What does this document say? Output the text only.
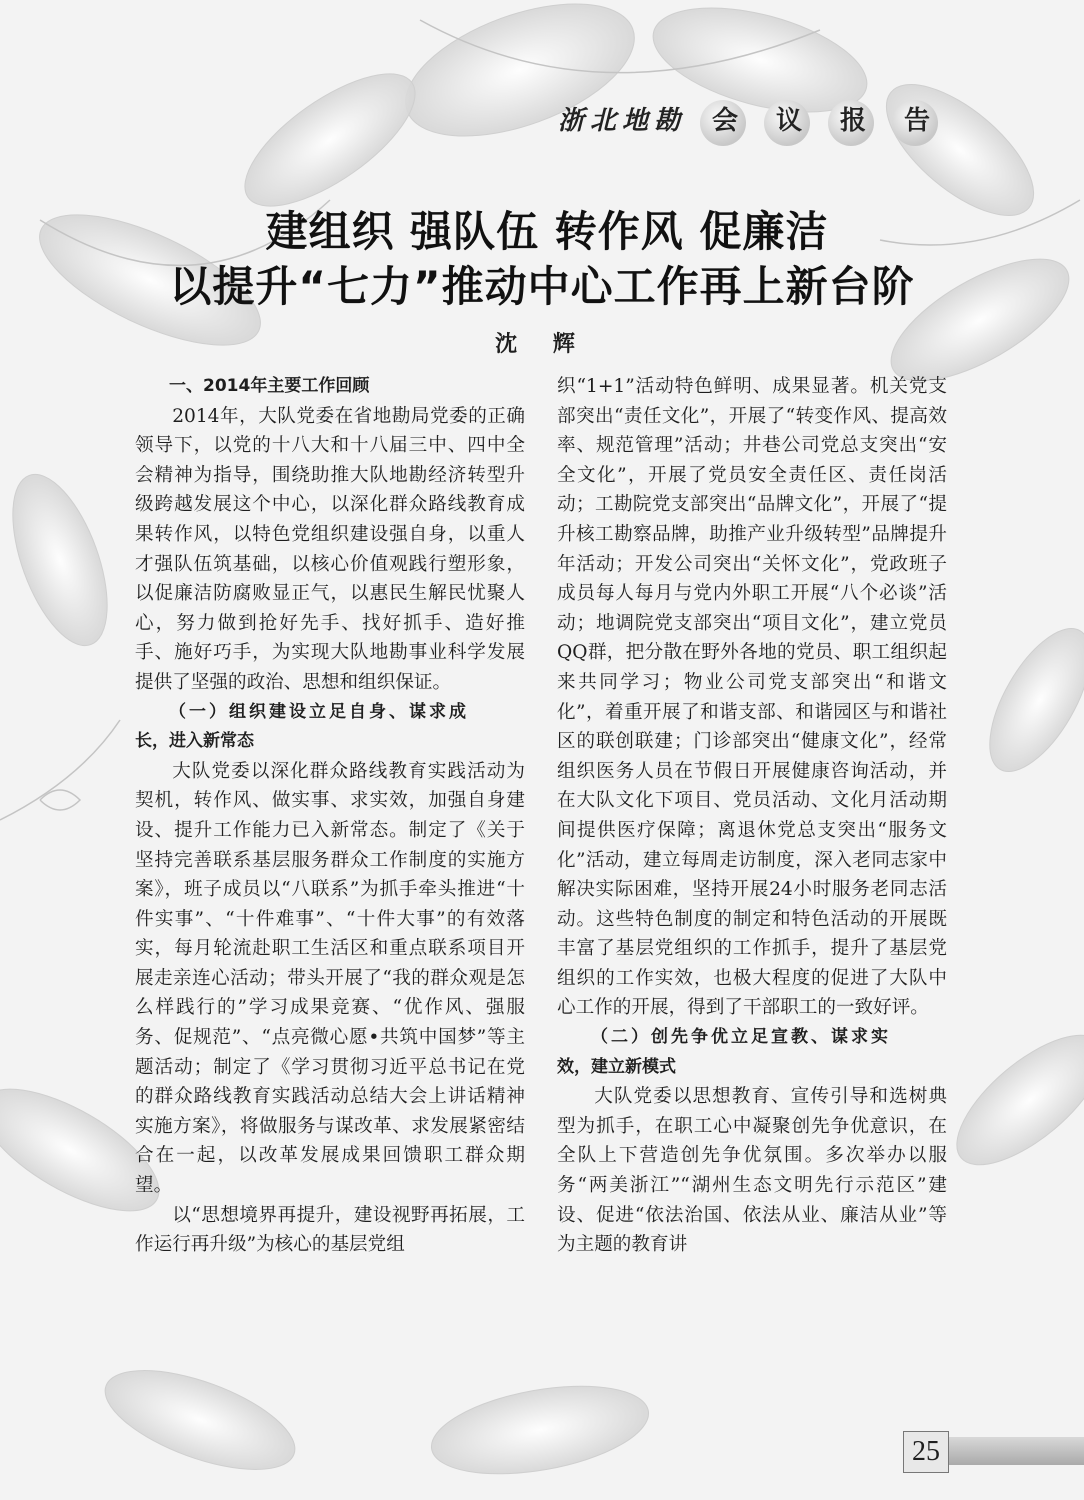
浙北地勘 会 议 报 告
建组织 强队伍 转作风 促廉洁
以提升“七力”推动中心工作再上新台阶
沈 辉
一、2014年主要工作回顾

2014年，大队党委在省地勘局党委的正确领导下，以党的十八大和十八届三中、四中全会精神为指导，围绕助推大队地勘经济转型升级跨越发展这个中心，以深化群众路线教育成果转作风，以特色党组织建设强自身，以重人才强队伍筑基础，以核心价值观践行塑形象，以促廉洁防腐败显正气，以惠民生解民忧聚人心，努力做到抢好先手、找好抓手、造好推手、施好巧手，为实现大队地勘事业科学发展提供了坚强的政治、思想和组织保证。

（一）组织建设立足自身、谋求成
长，进入新常态

大队党委以深化群众路线教育实践活动为契机，转作风、做实事、求实效，加强自身建设、提升工作能力已入新常态。制定了《关于坚持完善联系基层服务群众工作制度的实施方案》，班子成员以“八联系”为抓手牵头推进“十件实事”、“十件难事”、“十件大事”的有效落实，每月轮流赴职工生活区和重点联系项目开展走亲连心活动；带头开展了“我的群众观是怎么样践行的”学习成果竞赛、“优作风、强服务、促规范”、“点亮微心愿•共筑中国梦”等主题活动；制定了《学习贯彻习近平总书记在党的群众路线教育实践活动总结大会上讲话精神实施方案》，将做服务与谋改革、求发展紧密结合在一起，以改革发展成果回馈职工群众期望。

以“思想境界再提升，建设视野再拓展，工作运行再升级”为核心的基层党组

织“1+1”活动特色鲜明、成果显著。机关党支部突出“责任文化”，开展了“转变作风、提高效率、规范管理”活动；井巷公司党总支突出“安全文化”，开展了党员安全责任区、责任岗活动；工勘院党支部突出“品牌文化”，开展了“提升核工勘察品牌，助推产业升级转型”品牌提升年活动；开发公司突出“关怀文化”，党政班子成员每人每月与党内外职工开展“八个必谈”活动；地调院党支部突出“项目文化”，建立党员QQ群，把分散在野外各地的党员、职工组织起来共同学习；物业公司党支部突出“和谐文化”，着重开展了和谐支部、和谐园区与和谐社区的联创联建；门诊部突出“健康文化”，经常组织医务人员在节假日开展健康咨询活动，并在大队文化下项目、党员活动、文化月活动期间提供医疗保障；离退休党总支突出“服务文化”活动，建立每周走访制度，深入老同志家中解决实际困难，坚持开展24小时服务老同志活动。这些特色制度的制定和特色活动的开展既丰富了基层党组织的工作抓手，提升了基层党组织的工作实效，也极大程度的促进了大队中心工作的开展，得到了干部职工的一致好评。

（二）创先争优立足宣教、谋求实
效，建立新模式

大队党委以思想教育、宣传引导和选树典型为抓手，在职工心中凝聚创先争优意识，在全队上下营造创先争优氛围。多次举办以服务“两美浙江”“湖州生态文明先行示范区”建设、促进“依法治国、依法从业、廉洁从业”等为主题的教育讲

25
